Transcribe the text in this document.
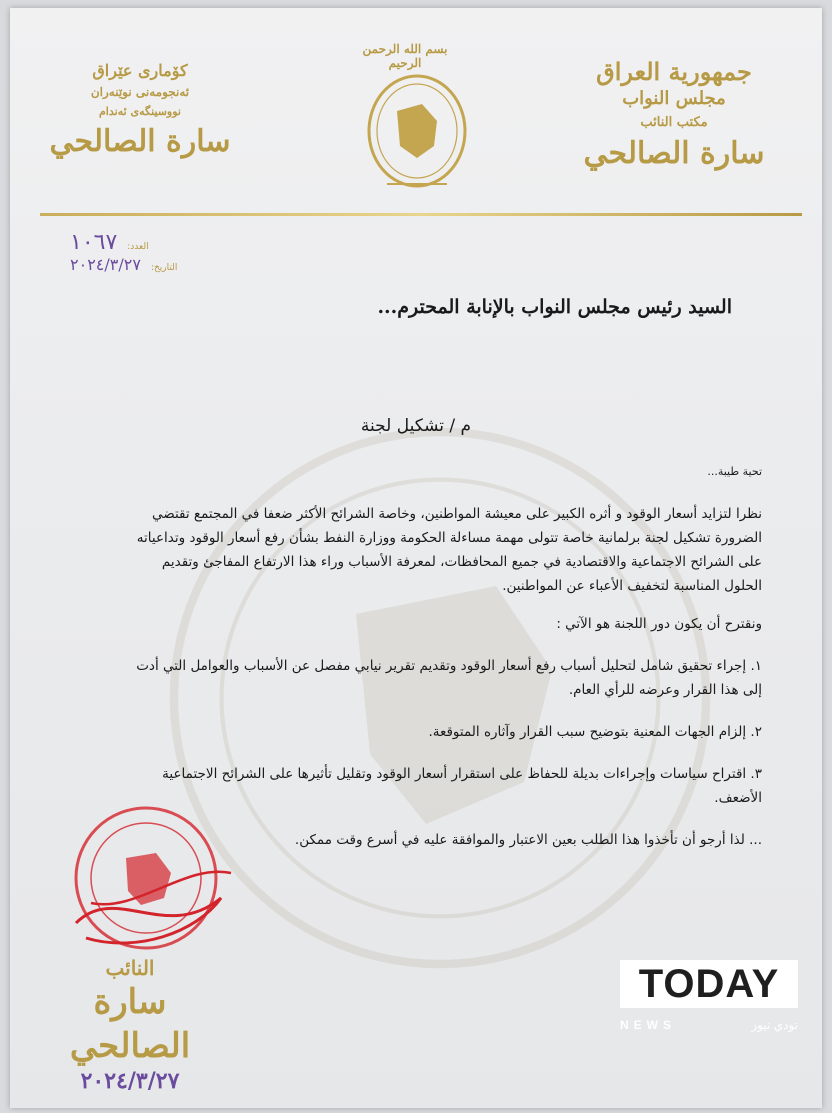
جمهورية العراق
مجلس النواب
مكتب النائب
سارة الصالحي
بسم الله الرحمن الرحيم
كۆماری عێراق
ئەنجومەنی نوێنەران
نووسینگەی ئەندام
سارة الصالحي
العدد:
١٠٦٧
التاريخ:
٢٠٢٤/٣/٢٧
السيد رئيس مجلس النواب بالإنابة المحترم...
م / تشكيل لجنة

تحية طيبة...

نظرا لتزايد أسعار الوقود و أثره الكبير على معيشة المواطنين، وخاصة الشرائح الأكثر ضعفا في المجتمع تقتضي الضرورة تشكيل لجنة برلمانية خاصة تتولى مهمة مساءلة الحكومة ووزارة النفط بشأن رفع أسعار الوقود وتداعياته على الشرائح الاجتماعية والاقتصادية في جميع المحافظات، لمعرفة الأسباب وراء هذا الارتفاع المفاجئ وتقديم الحلول المناسبة لتخفيف الأعباء عن المواطنين.

ونقترح أن يكون دور اللجنة هو الآتي :

١. إجراء تحقيق شامل لتحليل أسباب رفع أسعار الوقود وتقديم تقرير نيابي مفصل عن الأسباب والعوامل التي أدت إلى هذا القرار وعرضه للرأي العام.

٢. إلزام الجهات المعنية بتوضيح سبب القرار وآثاره المتوقعة.

٣. اقتراح سياسات وإجراءات بديلة للحفاظ على استقرار أسعار الوقود وتقليل تأثيرها على الشرائح الاجتماعية الأضعف.

... لذا أرجو أن تأخذوا هذا الطلب بعين الاعتبار والموافقة عليه في أسرع وقت ممكن.

النائب
سارة الصالحي
٢٠٢٤/٣/٢٧
TODAY
NEWS	تودي نيوز
